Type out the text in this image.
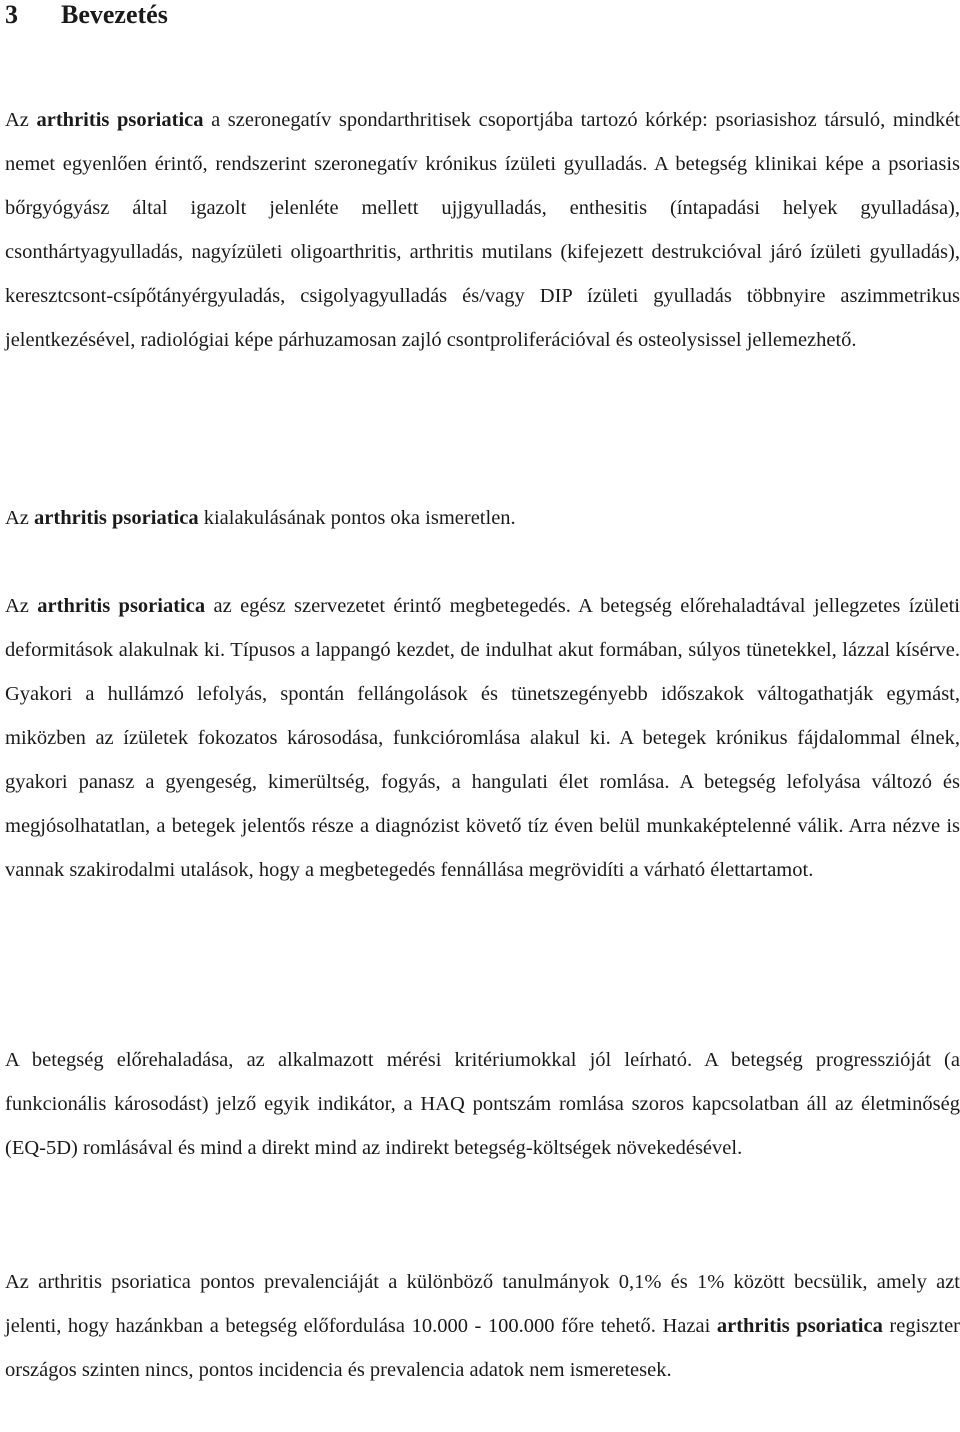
3 Bevezetés

Az arthritis psoriatica a szeronegatív spondarthritisek csoportjába tartozó kórkép: psoriasishoz társuló, mindkét nemet egyenlően érintő, rendszerint szeronegatív krónikus ízületi gyulladás. A betegség klinikai képe a psoriasis bőrgyógyász által igazolt jelenléte mellett ujjgyulladás, enthesitis (íntapadási helyek gyulladása), csonthártyagyulladás, nagyízületi oligoarthritis, arthritis mutilans (kifejezett destrukcióval járó ízületi gyulladás), keresztcsont-csípőtányérgyuladás, csigolyagyulladás és/vagy DIP ízületi gyulladás többnyire aszimmetrikus jelentkezésével, radiológiai képe párhuzamosan zajló csontproliferációval és osteolysissel jellemezhető.

Az arthritis psoriatica kialakulásának pontos oka ismeretlen.

Az arthritis psoriatica az egész szervezetet érintő megbetegedés. A betegség előrehaladtával jellegzetes ízületi deformitások alakulnak ki. Típusos a lappangó kezdet, de indulhat akut formában, súlyos tünetekkel, lázzal kísérve. Gyakori a hullámzó lefolyás, spontán fellángolások és tünetszegényebb időszakok váltogathatják egymást, miközben az ízületek fokozatos károsodása, funkcióromlása alakul ki. A betegek krónikus fájdalommal élnek, gyakori panasz a gyengeség, kimerültség, fogyás, a hangulati élet romlása. A betegség lefolyása változó és megjósolhatatlan, a betegek jelentős része a diagnózist követő tíz éven belül munkaképtelenné válik. Arra nézve is vannak szakirodalmi utalások, hogy a megbetegedés fennállása megrövidíti a várható élettartamot.

A betegség előrehaladása, az alkalmazott mérési kritériumokkal jól leírható. A betegség progresszióját (a funkcionális károsodást) jelző egyik indikátor, a HAQ pontszám romlása szoros kapcsolatban áll az életminőség (EQ-5D) romlásával és mind a direkt mind az indirekt betegség-költségek növekedésével.

Az arthritis psoriatica pontos prevalenciáját a különböző tanulmányok 0,1% és 1% között becsülik, amely azt jelenti, hogy hazánkban a betegség előfordulása 10.000 - 100.000 főre tehető. Hazai arthritis psoriatica regiszter országos szinten nincs, pontos incidencia és prevalencia adatok nem ismeretesek.
